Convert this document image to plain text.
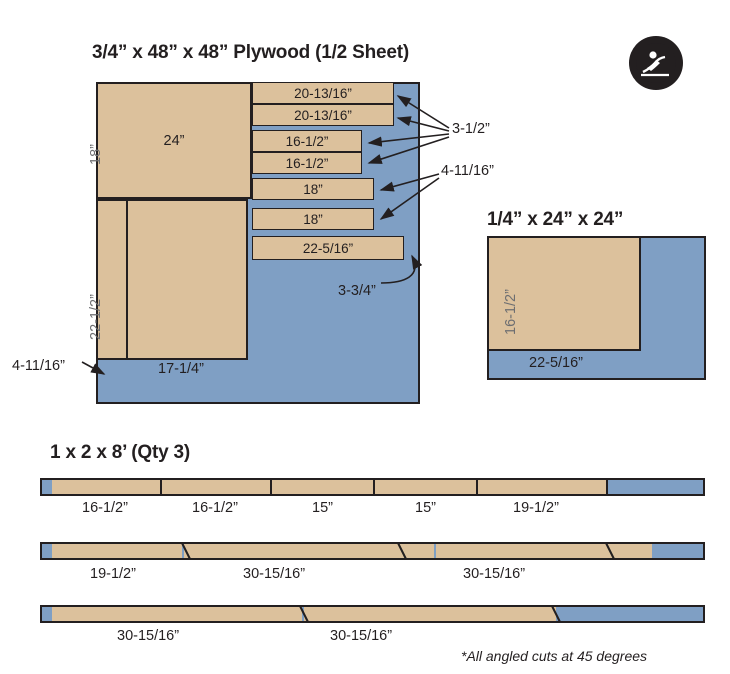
3/4” x 48” x 48” Plywood (1/2 Sheet)
1/4” x 24” x 24”
1 x 2 x 8’ (Qty 3)
24”
20-13/16”
20-13/16”
16-1/2”
16-1/2”
18”
18”
22-5/16”
17-1/4”
18”
22-1/2”
3-1/2”
4-11/16”
3-3/4”
4-11/16”
16-1/2”
22-5/16”
16-1/2”	16-1/2”	15”	15”	19-1/2”
19-1/2”	30-15/16”	30-15/16”
30-15/16”	30-15/16”
*All angled cuts at 45 degrees
